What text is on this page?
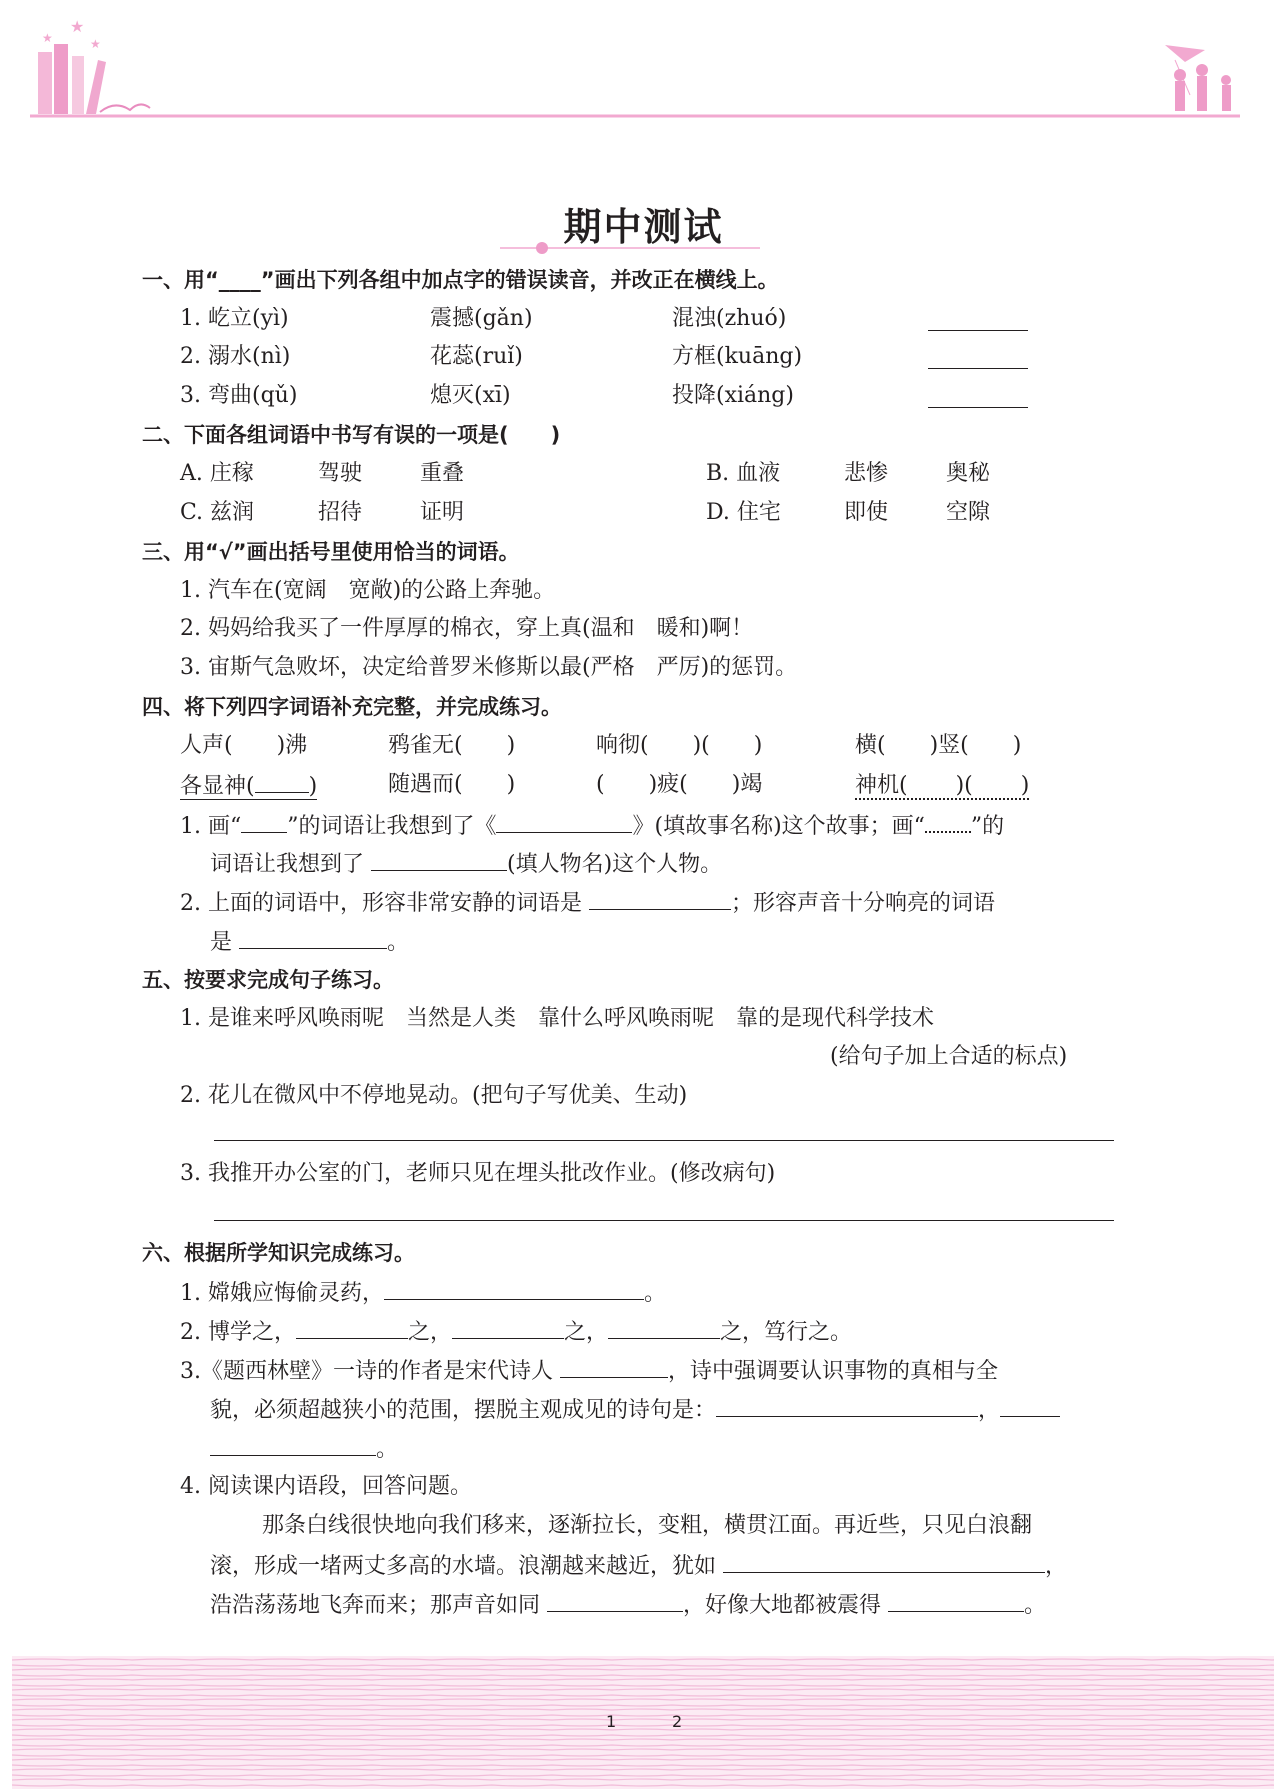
★
★
★
期中测试
一、用“____”画出下列各组中加点字的错误读音，并改正在横线上。
1. 屹立(yì)	震撼(gǎn)	混浊(zhuó)
2. 溺水(nì)	花蕊(ruǐ)	方框(kuāng)
3. 弯曲(qǔ)	熄灭(xī)	投降(xiáng)
二、下面各组词语中书写有误的一项是(　　)
A. 庄稼	驾驶	重叠	B. 血液	悲惨	奥秘
C. 兹润	招待	证明	D. 住宅	即使	空隙
三、用“√”画出括号里使用恰当的词语。
1. 汽车在(宽阔　宽敞)的公路上奔驰。
2. 妈妈给我买了一件厚厚的棉衣，穿上真(温和　暖和)啊！
3. 宙斯气急败坏，决定给普罗米修斯以最(严格　严厉)的惩罚。
四、将下列四字词语补充完整，并完成练习。
人声(　　)沸	鸦雀无(　　)	响彻(　　)(　　)	横(　　)竖(　　)
各显神( )	随遇而(　　)	(　　)疲(　　)竭	神机( )( )
1. 画“ ”的词语让我想到了《	》(填故事名称)这个故事；画“ ”的
词语让我想到了	(填人物名)这个人物。
2. 上面的词语中，形容非常安静的词语是	；形容声音十分响亮的词语
是	。
五、按要求完成句子练习。
1. 是谁来呼风唤雨呢　当然是人类　靠什么呼风唤雨呢　靠的是现代科学技术
(给句子加上合适的标点)
2. 花儿在微风中不停地晃动。(把句子写优美、生动)
3. 我推开办公室的门，老师只见在埋头批改作业。(修改病句)
六、根据所学知识完成练习。
1. 嫦娥应悔偷灵药，	。
2. 博学之，	之，	之，	之，笃行之。
3.《题西林壁》一诗的作者是宋代诗人	，诗中强调要认识事物的真相与全
貌，必须超越狭小的范围，摆脱主观成见的诗句是：	，
。
4. 阅读课内语段，回答问题。
那条白线很快地向我们移来，逐渐拉长，变粗，横贯江面。再近些，只见白浪翻
滚，形成一堵两丈多高的水墙。浪潮越来越近，犹如	，
浩浩荡荡地飞奔而来；那声音如同	，好像大地都被震得	。
1	2
